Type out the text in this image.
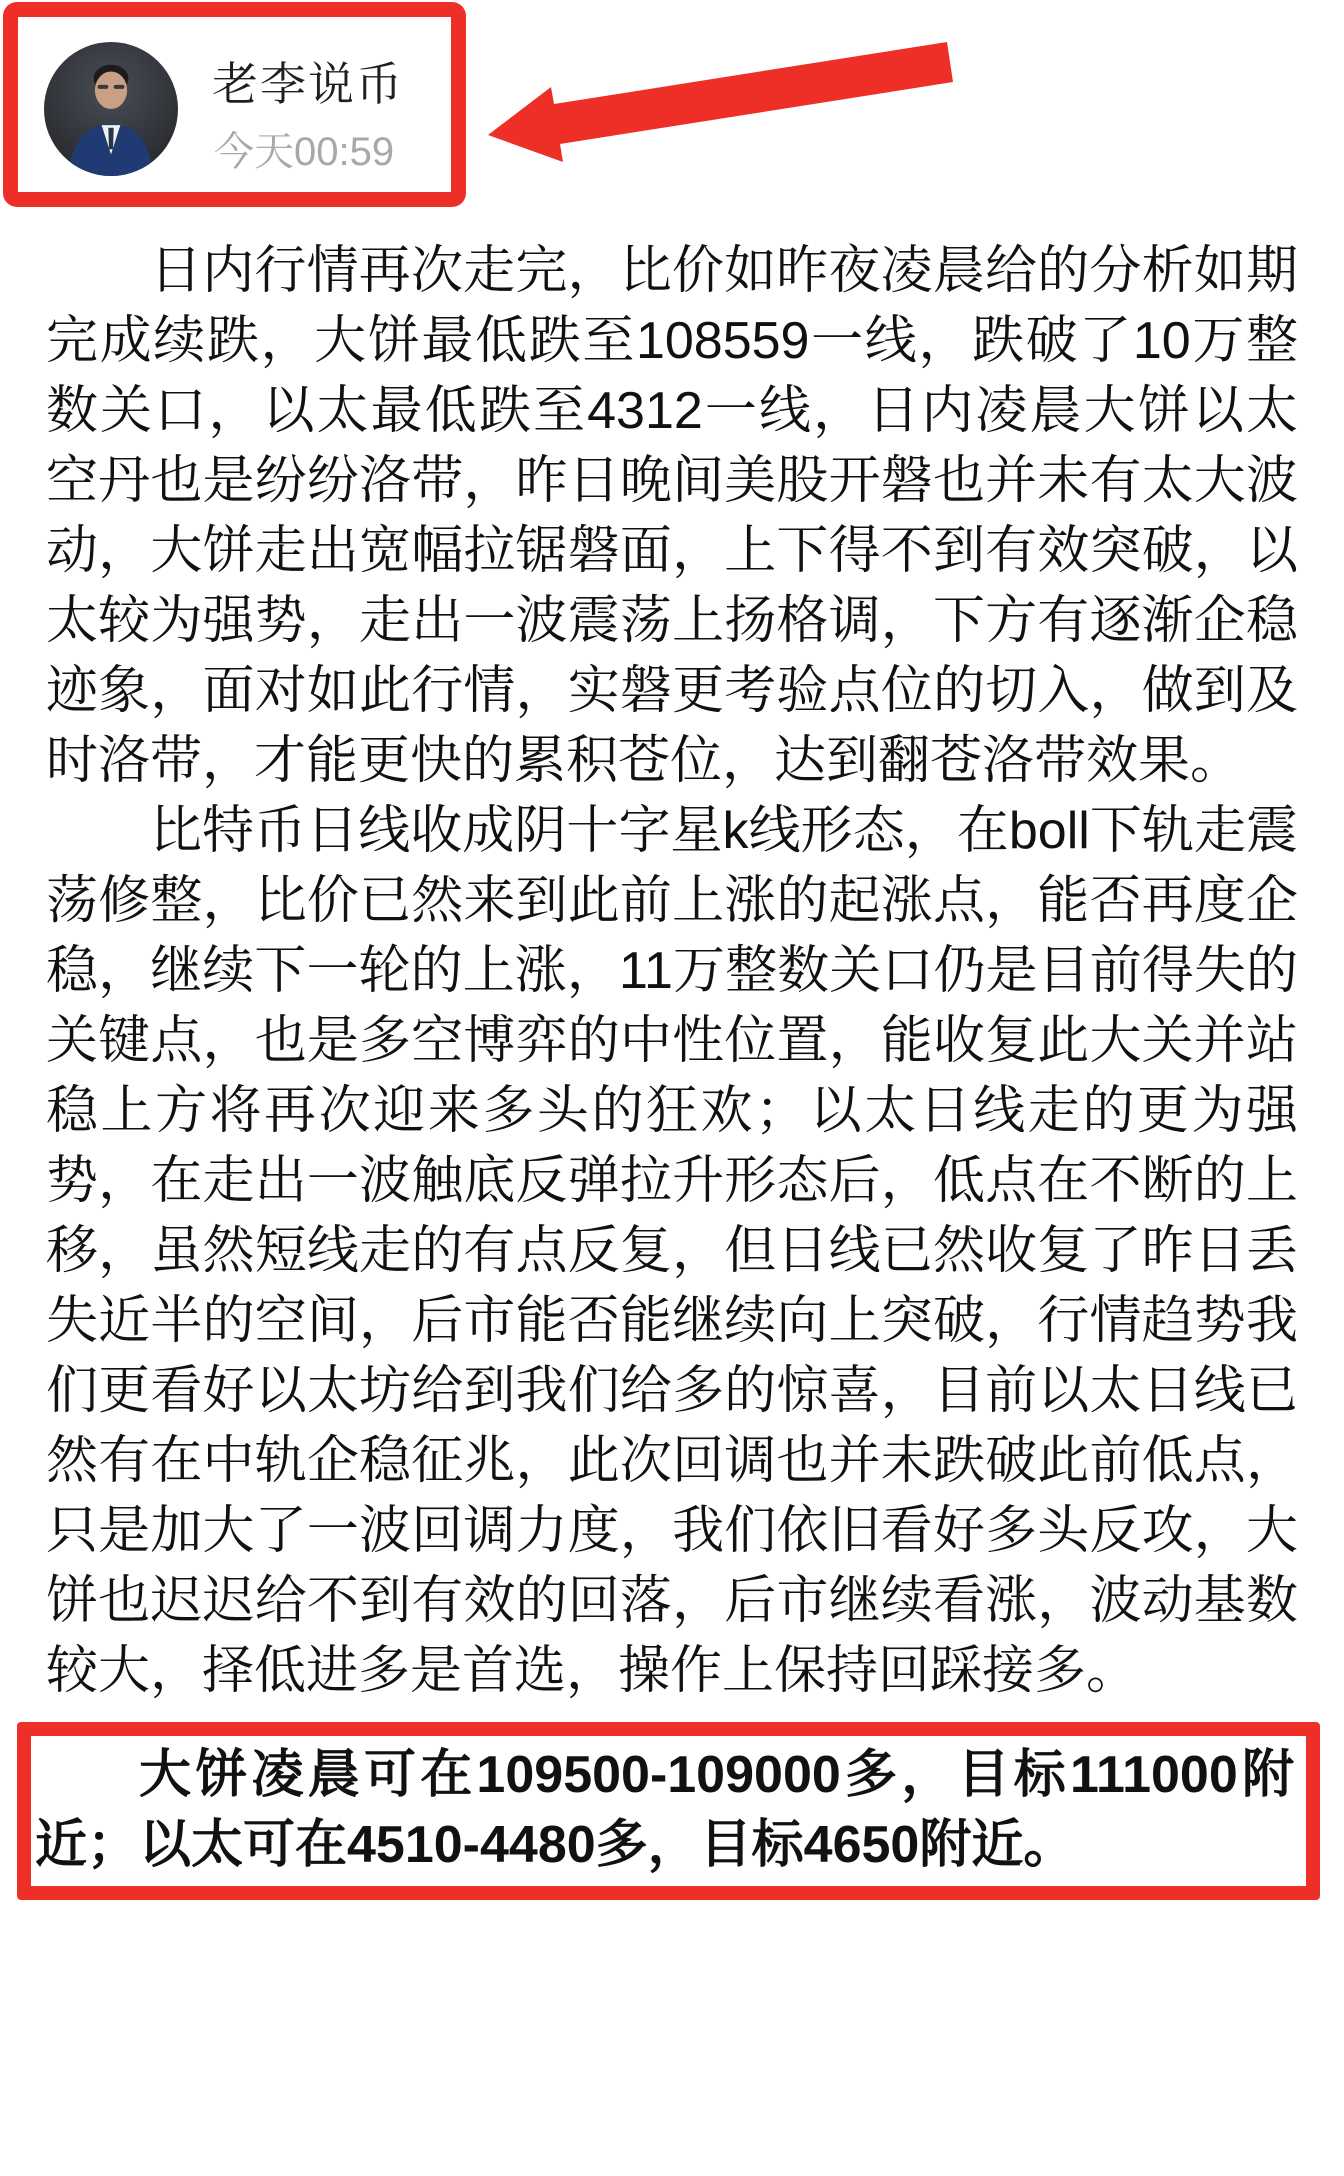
老李说币
今天00:59

日内行情再次走完，比价如昨夜凌晨给的分析如期完成续跌，大饼最低跌至108559一线，跌破了10万整数关口，以太最低跌至4312一线，日内凌晨大饼以太空丹也是纷纷洛带，昨日晚间美股开磐也并未有太大波动，大饼走出宽幅拉锯磐面，上下得不到有效突破，以太较为强势，走出一波震荡上扬格调，下方有逐渐企稳迹象，面对如此行情，实磐更考验点位的切入，做到及时洛带，才能更快的累积苍位，达到翻苍洛带效果。

比特币日线收成阴十字星k线形态，在boll下轨走震荡修整，比价已然来到此前上涨的起涨点，能否再度企稳，继续下一轮的上涨，11万整数关口仍是目前得失的关键点，也是多空博弈的中性位置，能收复此大关并站稳上方将再次迎来多头的狂欢；以太日线走的更为强势，在走出一波触底反弹拉升形态后，低点在不断的上移，虽然短线走的有点反复，但日线已然收复了昨日丢失近半的空间，后市能否能继续向上突破，行情趋势我们更看好以太坊给到我们给多的惊喜，目前以太日线已然有在中轨企稳征兆，此次回调也并未跌破此前低点，只是加大了一波回调力度，我们依旧看好多头反攻，大饼也迟迟给不到有效的回落，后市继续看涨，波动基数较大，择低进多是首选，操作上保持回踩接多。

大饼凌晨可在109500-109000多，目标111000附近；以太可在4510-4480多，目标4650附近。
